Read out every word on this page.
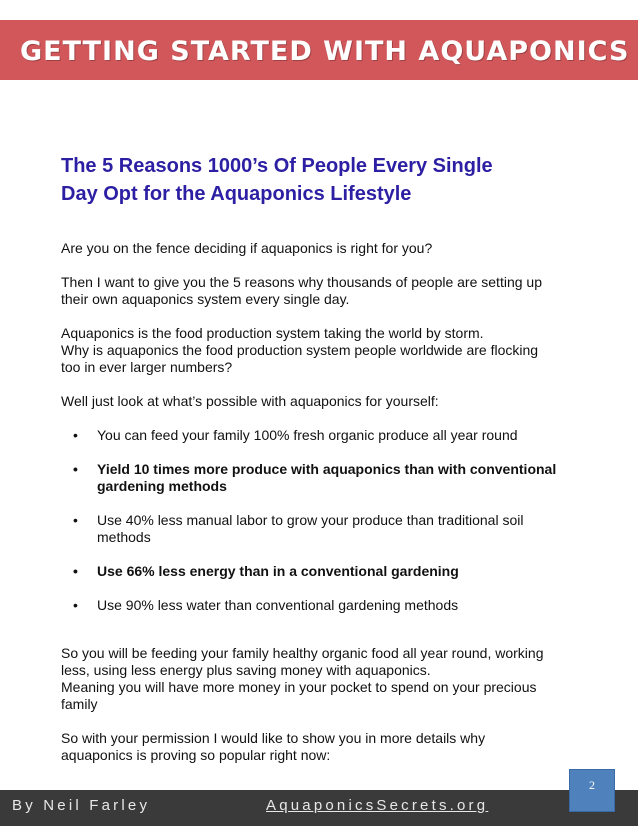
GETTING STARTED WITH AQUAPONICS
The 5 Reasons 1000’s Of People Every Single
Day Opt for the Aquaponics Lifestyle

Are you on the fence deciding if aquaponics is right for you?

Then I want to give you the 5 reasons why thousands of people are setting up
their own aquaponics system every single day.

Aquaponics is the food production system taking the world by storm.
Why is aquaponics the food production system people worldwide are flocking
too in ever larger numbers?

Well just look at what’s possible with aquaponics for yourself:

• You can feed your family 100% fresh organic produce all year round
• Yield 10 times more produce with aquaponics than with conventional
gardening methods
• Use 40% less manual labor to grow your produce than traditional soil
methods
• Use 66% less energy than in a conventional gardening
• Use 90% less water than conventional gardening methods

So you will be feeding your family healthy organic food all year round, working
less, using less energy plus saving money with aquaponics.
Meaning you will have more money in your pocket to spend on your precious
family

So with your permission I would like to show you in more details why
aquaponics is proving so popular right now:

By Neil Farley	AquaponicsSecrets.org
2
